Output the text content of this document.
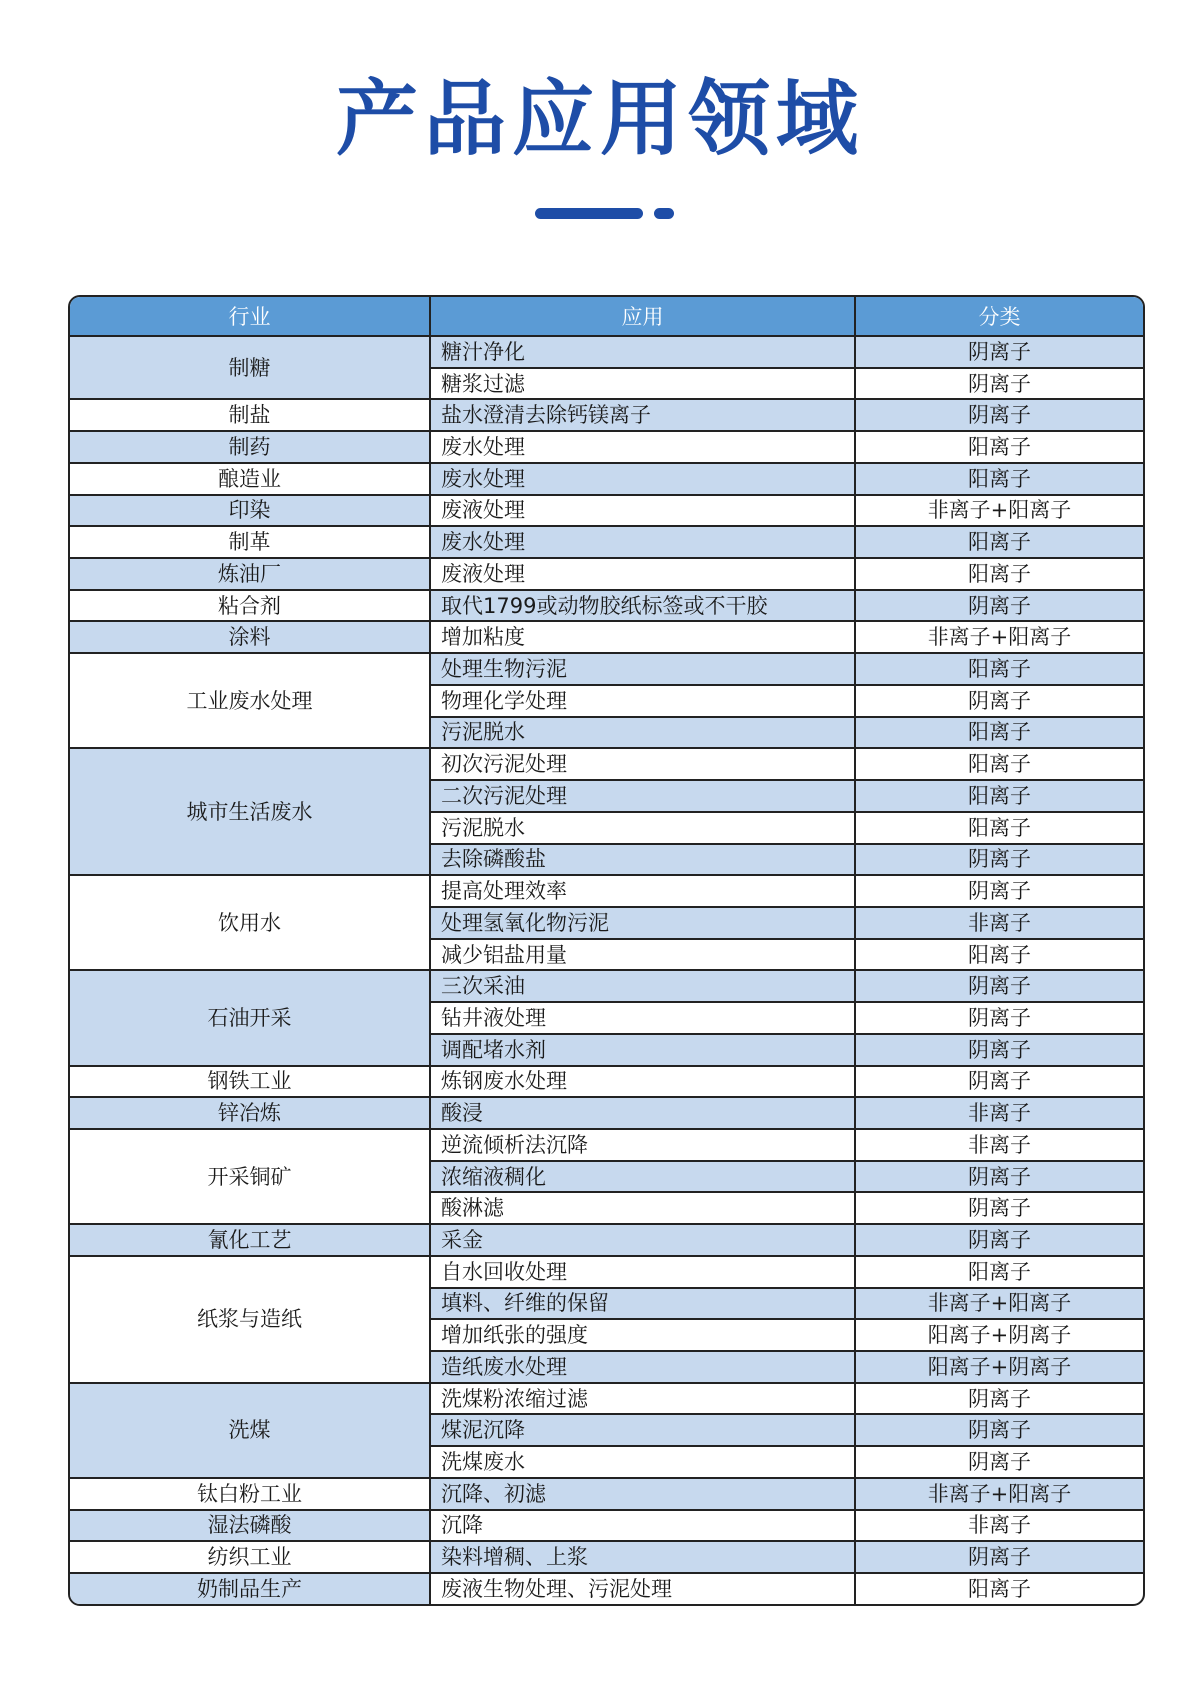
产品应用领域
行业	应用	分类
制糖	糖汁净化	阴离子
	糖浆过滤	阴离子
制盐	盐水澄清去除钙镁离子	阴离子
制药	废水处理	阳离子
酿造业	废水处理	阳离子
印染	废液处理	非离子+阳离子
制革	废水处理	阳离子
炼油厂	废液处理	阳离子
粘合剂	取代1799或动物胶纸标签或不干胶	阴离子
涂料	增加粘度	非离子+阳离子
工业废水处理	处理生物污泥	阳离子
	物理化学处理	阴离子
	污泥脱水	阳离子
城市生活废水	初次污泥处理	阳离子
	二次污泥处理	阳离子
	污泥脱水	阳离子
	去除磷酸盐	阴离子
饮用水	提高处理效率	阴离子
	处理氢氧化物污泥	非离子
	减少铝盐用量	阳离子
石油开采	三次采油	阴离子
	钻井液处理	阴离子
	调配堵水剂	阴离子
钢铁工业	炼钢废水处理	阴离子
锌冶炼	酸浸	非离子
开采铜矿	逆流倾析法沉降	非离子
	浓缩液稠化	阴离子
	酸淋滤	阴离子
氰化工艺	采金	阴离子
纸浆与造纸	自水回收处理	阳离子
	填料、纤维的保留	非离子+阳离子
	增加纸张的强度	阳离子+阴离子
	造纸废水处理	阳离子+阴离子
洗煤	洗煤粉浓缩过滤	阴离子
	煤泥沉降	阴离子
	洗煤废水	阴离子
钛白粉工业	沉降、初滤	非离子+阳离子
湿法磷酸	沉降	非离子
纺织工业	染料增稠、上浆	阴离子
奶制品生产	废液生物处理、污泥处理	阳离子
